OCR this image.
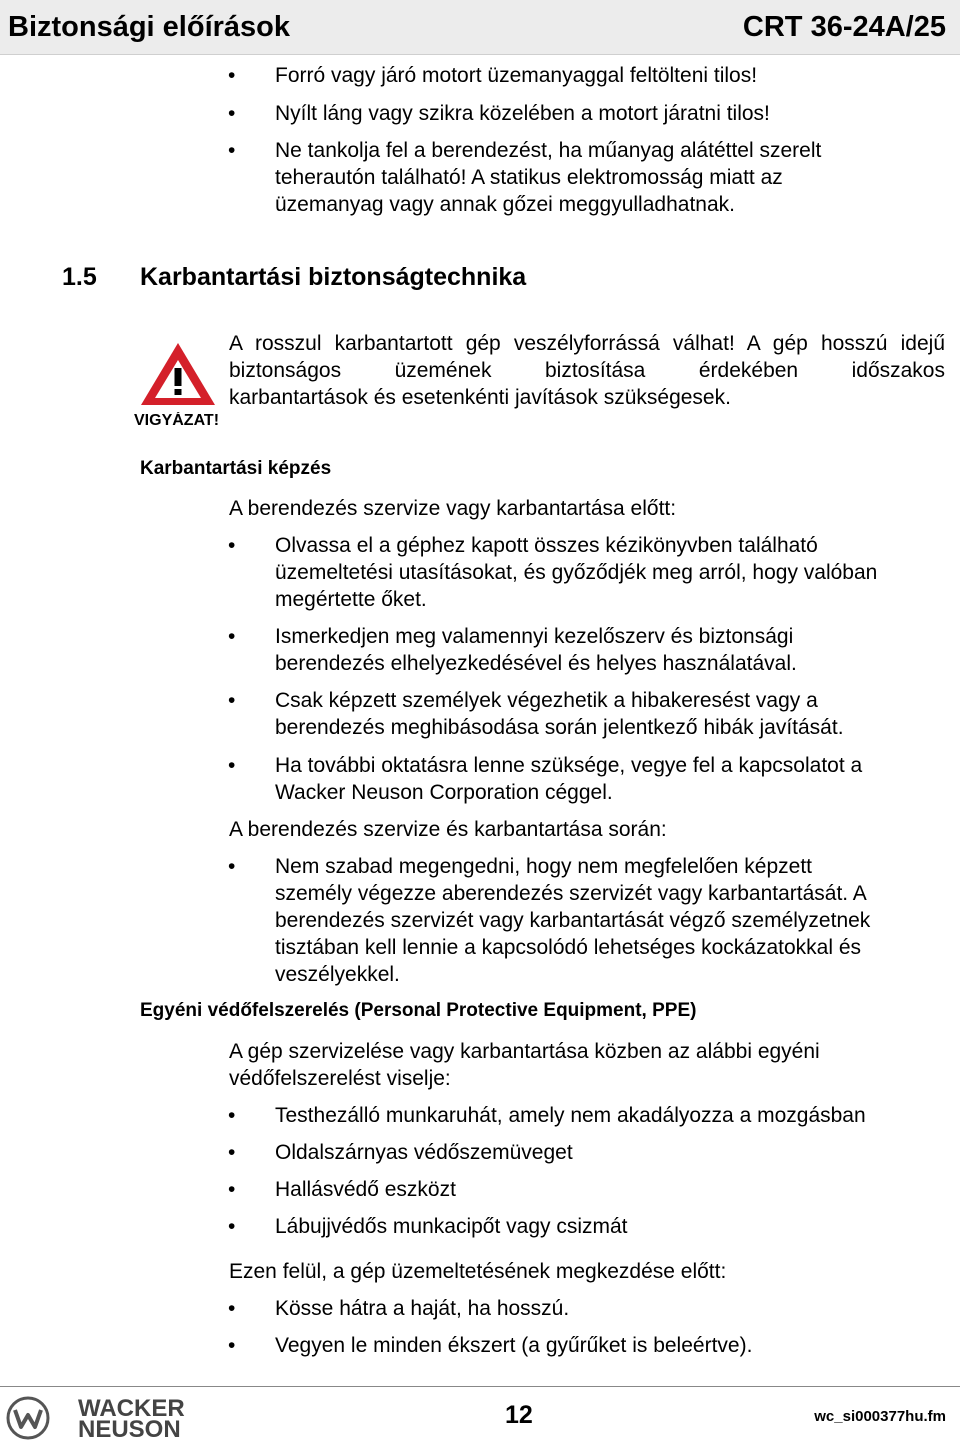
Biztonsági előírások	CRT 36-24A/25
• Forró vagy járó motort üzemanyaggal feltölteni tilos!
• Nyílt láng vagy szikra közelében a motort járatni tilos!
• Ne tankolja fel a berendezést, ha műanyag alátéttel szerelt
teherautón található! A statikus elektromosság miatt az
üzemanyag vagy annak gőzei meggyulladhatnak.
1.5 Karbantartási biztonságtechnika
VIGYÁZAT!
A rosszul karbantartott gép veszélyforrássá válhat! A gép hosszú idejű
biztonságos üzemének biztosítása érdekében időszakos
karbantartások és esetenkénti javítások szükségesek.
Karbantartási képzés
A berendezés szervize vagy karbantartása előtt:
• Olvassa el a géphez kapott összes kézikönyvben található
üzemeltetési utasításokat, és győződjék meg arról, hogy valóban
megértette őket.
• Ismerkedjen meg valamennyi kezelőszerv és biztonsági
berendezés elhelyezkedésével és helyes használatával.
• Csak képzett személyek végezhetik a hibakeresést vagy a
berendezés meghibásodása során jelentkező hibák javítását.
• Ha további oktatásra lenne szüksége, vegye fel a kapcsolatot a
Wacker Neuson Corporation céggel.
A berendezés szervize és karbantartása során:
• Nem szabad megengedni, hogy nem megfelelően képzett
személy végezze aberendezés szervizét vagy karbantartását. A
berendezés szervizét vagy karbantartását végző személyzetnek
tisztában kell lennie a kapcsolódó lehetséges kockázatokkal és
veszélyekkel.
Egyéni védőfelszerelés (Personal Protective Equipment, PPE)
A gép szervizelése vagy karbantartása közben az alábbi egyéni
védőfelszerelést viselje:
• Testhezálló munkaruhát, amely nem akadályozza a mozgásban
• Oldalszárnyas védőszemüveget
• Hallásvédő eszközt
• Lábujjvédős munkacipőt vagy csizmát
Ezen felül, a gép üzemeltetésének megkezdése előtt:
• Kösse hátra a haját, ha hosszú.
• Vegyen le minden ékszert (a gyűrűket is beleértve).
WACKER
NEUSON
12	wc_si000377hu.fm
